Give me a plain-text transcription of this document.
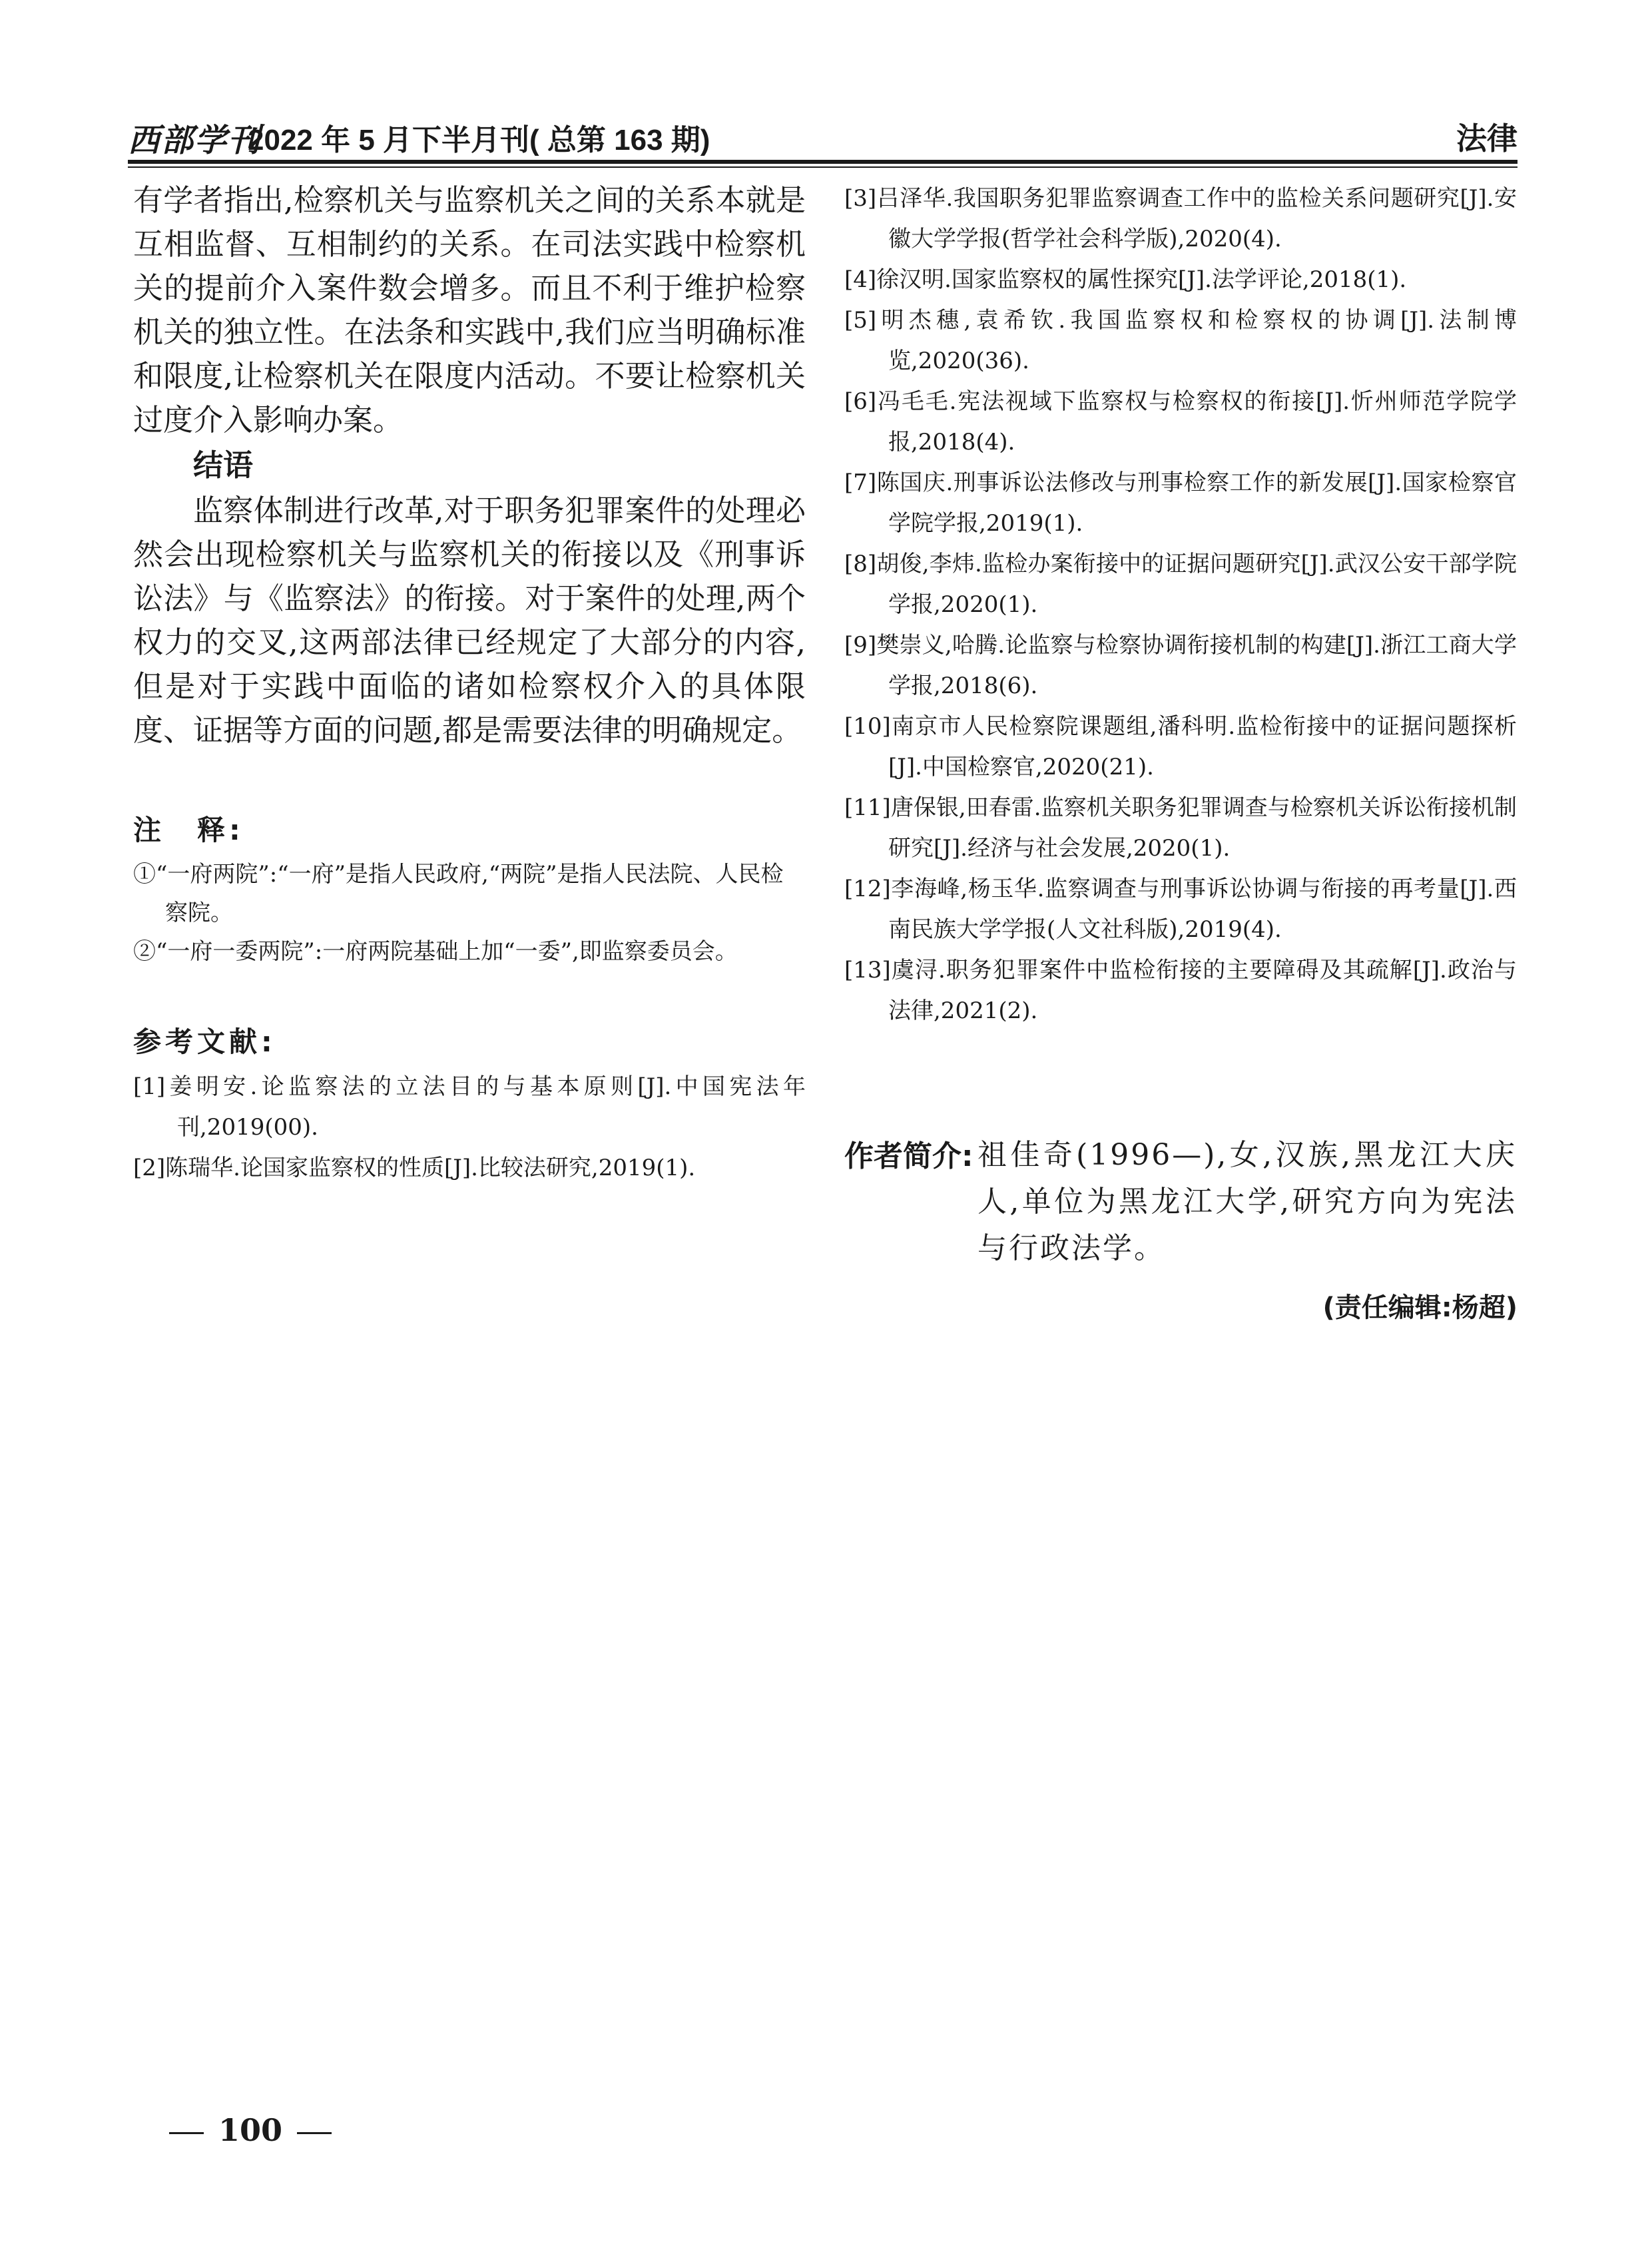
西部学刊
2022 年 5 月下半月刊( 总第 163 期)	法律

有学者指出,检察机关与监察机关之间的关系本就是互相监督、互相制约的关系。在司法实践中检察机关的提前介入案件数会增多。而且不利于维护检察机关的独立性。在法条和实践中,我们应当明确标准和限度,让检察机关在限度内活动。不要让检察机关过度介入影响办案。

结语

监察体制进行改革,对于职务犯罪案件的处理必然会出现检察机关与监察机关的衔接以及《刑事诉讼法》与《监察法》的衔接。对于案件的处理,两个权力的交叉,这两部法律已经规定了大部分的内容,但是对于实践中面临的诸如检察权介入的具体限度、证据等方面的问题,都是需要法律的明确规定。

注　释:

①“一府两院”:“一府”是指人民政府,“两院”是指人民法院、人民检察院。

②“一府一委两院”:一府两院基础上加“一委”,即监察委员会。

参考文献:

[1]姜明安.论监察法的立法目的与基本原则[J].中国宪法年刊,2019(00).

[2]陈瑞华.论国家监察权的性质[J].比较法研究,2019(1).

[3]吕泽华.我国职务犯罪监察调查工作中的监检关系问题研究[J].安徽大学学报(哲学社会科学版),2020(4).

[4]徐汉明.国家监察权的属性探究[J].法学评论,2018(1).

[5]明杰穗,袁希钦.我国监察权和检察权的协调[J].法制博览,2020(36).

[6]冯毛毛.宪法视域下监察权与检察权的衔接[J].忻州师范学院学报,2018(4).

[7]陈国庆.刑事诉讼法修改与刑事检察工作的新发展[J].国家检察官学院学报,2019(1).

[8]胡俊,李炜.监检办案衔接中的证据问题研究[J].武汉公安干部学院学报,2020(1).

[9]樊崇义,哈腾.论监察与检察协调衔接机制的构建[J].浙江工商大学学报,2018(6).

[10]南京市人民检察院课题组,潘科明.监检衔接中的证据问题探析[J].中国检察官,2020(21).

[11]唐保银,田春雷.监察机关职务犯罪调查与检察机关诉讼衔接机制研究[J].经济与社会发展,2020(1).

[12]李海峰,杨玉华.监察调查与刑事诉讼协调与衔接的再考量[J].西南民族大学学报(人文社科版),2019(4).

[13]虞浔.职务犯罪案件中监检衔接的主要障碍及其疏解[J].政治与法律,2021(2).

作者简介: 祖佳奇(1996—),女,汉族,黑龙江大庆人,单位为黑龙江大学,研究方向为宪法与行政法学。

(责任编辑:杨超)
100
